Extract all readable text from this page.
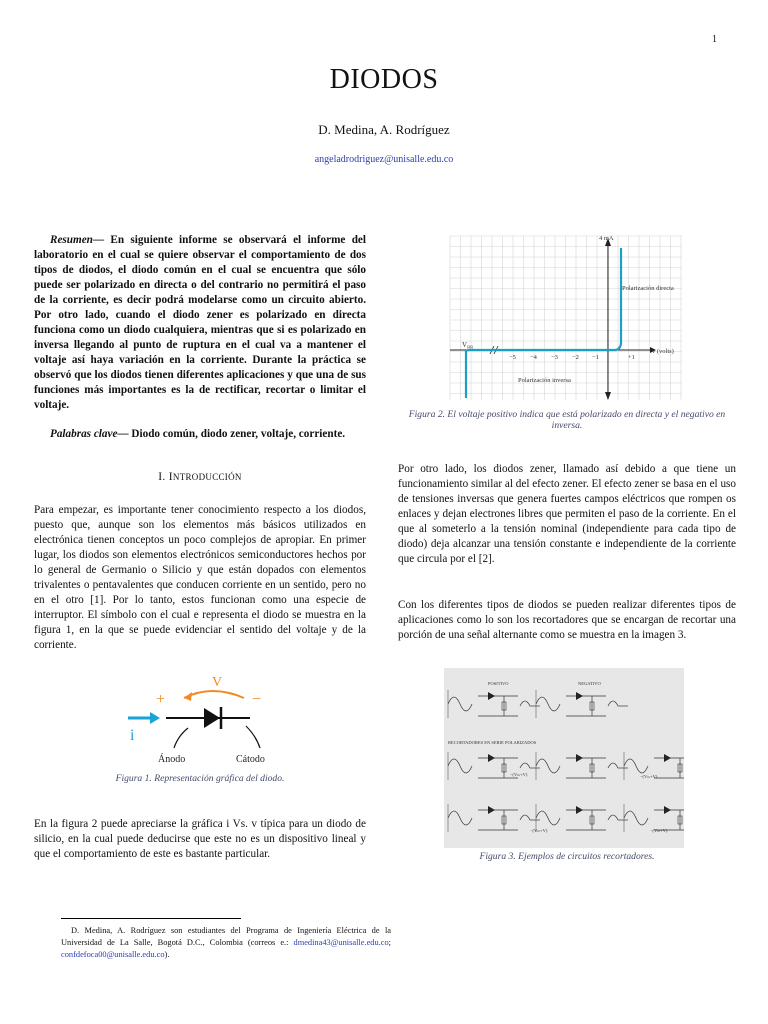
1
DIODOS
D. Medina, A. Rodríguez
angeladrodriguez@unisalle.edu.co
Resumen— En siguiente informe se observará el informe del laboratorio en el cual se quiere observar el comportamiento de dos tipos de diodos, el diodo común en el cual se encuentra que sólo puede ser polarizado en directa o del contrario no permitirá el paso de la corriente, es decir podrá modelarse como un circuito abierto. Por otro lado, cuando el diodo zener es polarizado en directa funciona como un diodo cualquiera, mientras que si es polarizado en inversa llegando al punto de ruptura en el cual va a mantener el voltaje así haya variación en la corriente. Durante la práctica se observó que los diodos tienen diferentes aplicaciones y que una de sus funciones más importantes es la de rectificar, recortar o limitar el voltaje.
Palabras clave— Diodo común, diodo zener, voltaje, corriente.
I. INTRODUCCIÓN
Para empezar, es importante tener conocimiento respecto a los diodos, puesto que, aunque son los elementos más básicos utilizados en electrónica tienen conceptos un poco complejos de apropiar. En primer lugar, los diodos son elementos electrónicos semiconductores hechos por lo general de Germanio o Silicio y que están dopados con elementos trivalentes o pentavalentes que conducen corriente en un sentido, pero no en el otro [1]. Por lo tanto, estos funcionan como una especie de interruptor. El símbolo con el cual e representa el diodo se muestra en la figura 1, en la que se puede evidenciar el sentido del voltaje y de la corriente.
V
+	−
i
Ánodo	Cátodo
Figura 1. Representación gráfica del diodo.
En la figura 2 puede apreciarse la gráfica i Vs. v típica para un diodo de silicio, en la cual puede deducirse que este no es un dispositivo lineal y que el comportamiento de este es bastante particular.
D. Medina, A. Rodríguez son estudiantes del Programa de Ingeniería Eléctrica de la Universidad de La Salle, Bogotá D.C., Colombia (correos e.: dmedina43@unisalle.edu.co; confdefoca00@unisalle.edu.co).
4 mA
v (volts)
$V_{BR}$
Polarización directa
Polarización inversa
−5 −4 −3 −2 −1	+1
Figura 2. El voltaje positivo indica que está polarizado en directa y el negativo en inversa.
Por otro lado, los diodos zener, llamado así debido a que tiene un funcionamiento similar al del efecto zener. El efecto zener se basa en el uso de tensiones inversas que genera fuertes campos eléctricos que rompen os enlaces y dejan electrones libres que permiten el paso de la corriente. En el que al someterlo a la tensión nominal (independiente para cada tipo de diodo) deja alcanzar una tensión constante e independiente de la corriente que circula por el [2].
Con los diferentes tipos de diodos se pueden realizar diferentes tipos de aplicaciones como lo son los recortadores que se encargan de recortar una porción de una señal alternante como se muestra en la imagen 3.
POSITIVO	NEGATIVO
RECORTADORES EN SERIE POLARIZADOS
−(Vₘ+V)	−(Vₘ+V)
−(Vₘ+V)	−(Vₘ+V)
Figura 3. Ejemplos de circuitos recortadores.
